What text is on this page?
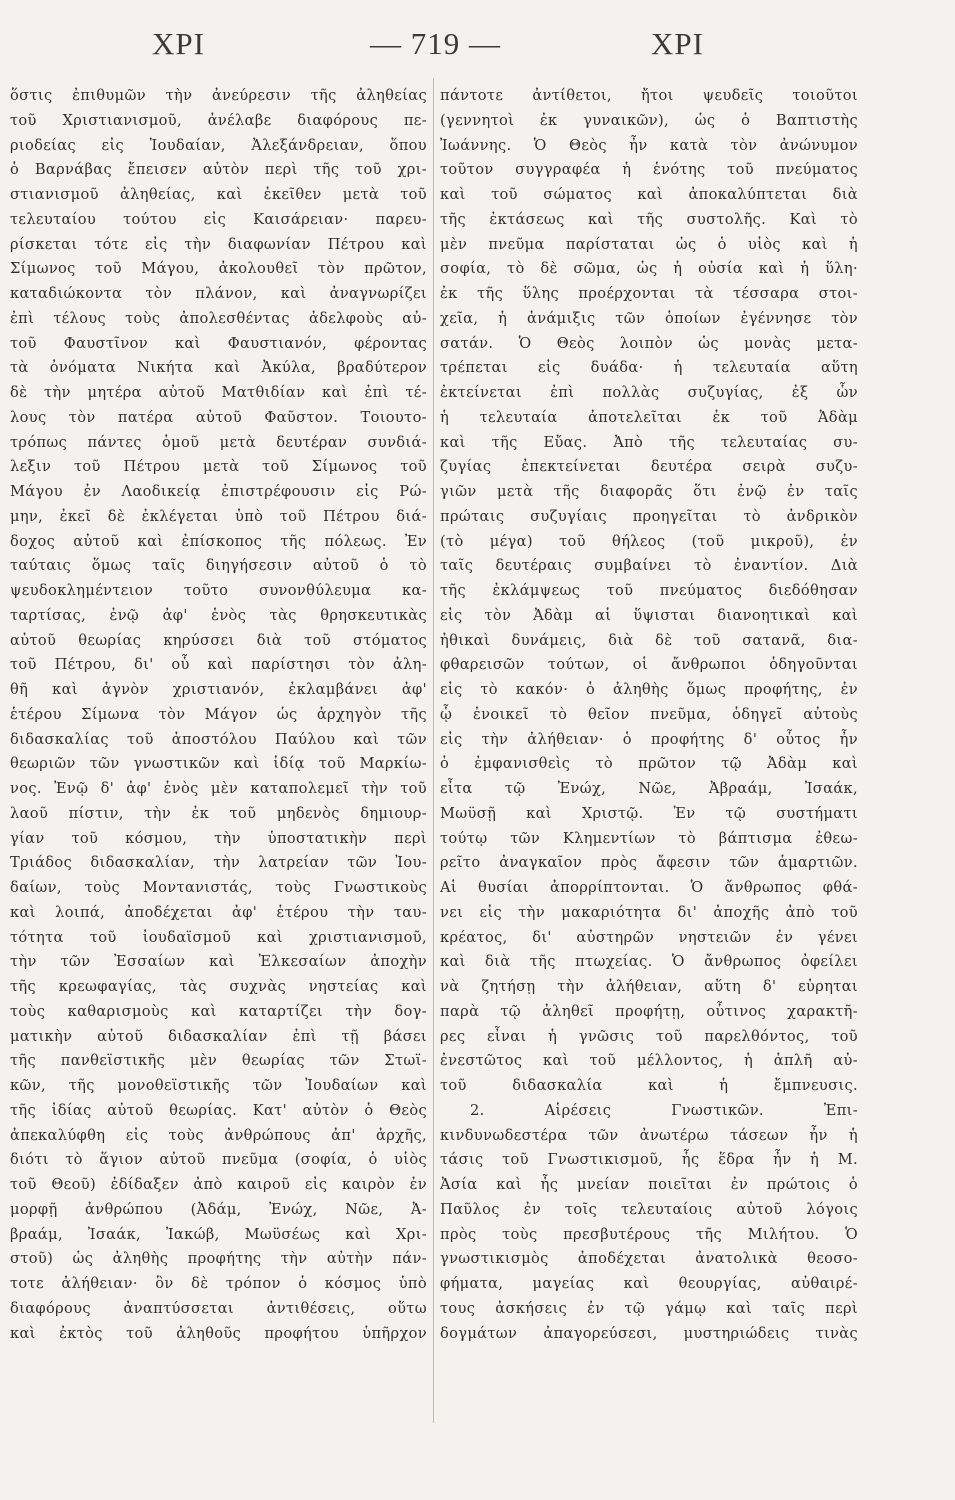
ΧΡΙ	— 719 —	ΧΡΙ
ὅστις ἐπιθυμῶν τὴν ἀνεύρεσιν τῆς ἀληθείας
τοῦ Χριστιανισμοῦ, ἀνέλαβε διαφόρους πε-
ριοδείας εἰς Ἰουδαίαν, Ἀλεξάνδρειαν, ὅπου
ὁ Βαρνάβας ἔπεισεν αὐτὸν περὶ τῆς τοῦ χρι-
στιανισμοῦ ἀληθείας, καὶ ἐκεῖθεν μετὰ τοῦ
τελευταίου τούτου εἰς Καισάρειαν· παρευ-
ρίσκεται τότε εἰς τὴν διαφωνίαν Πέτρου καὶ
Σίμωνος τοῦ Μάγου, ἀκολουθεῖ τὸν πρῶτον,
καταδιώκοντα τὸν πλάνον, καὶ ἀναγνωρίζει
ἐπὶ τέλους τοὺς ἀπολεσθέντας ἀδελφοὺς αὐ-
τοῦ Φαυστῖνον καὶ Φαυστιανόν, φέροντας
τὰ ὀνόματα Νικήτα καὶ Ἀκύλα, βραδύτερον
δὲ τὴν μητέρα αὐτοῦ Ματθιδίαν καὶ ἐπὶ τέ-
λους τὸν πατέρα αὐτοῦ Φαῦστον. Τοιουτο-
τρόπως πάντες ὁμοῦ μετὰ δευτέραν συνδιά-
λεξιν τοῦ Πέτρου μετὰ τοῦ Σίμωνος τοῦ
Μάγου ἐν Λαοδικείᾳ ἐπιστρέφουσιν εἰς Ρώ-
μην, ἐκεῖ δὲ ἐκλέγεται ὑπὸ τοῦ Πέτρου διά-
δοχος αὐτοῦ καὶ ἐπίσκοπος τῆς πόλεως. Ἐν
ταύταις ὅμως ταῖς διηγήσεσιν αὐτοῦ ὁ τὸ
ψευδοκλημέντειον τοῦτο συνονθύλευμα κα-
ταρτίσας, ἐνῷ ἀφ' ἑνὸς τὰς θρησκευτικὰς
αὐτοῦ θεωρίας κηρύσσει διὰ τοῦ στόματος
τοῦ Πέτρου, δι' οὗ καὶ παρίστησι τὸν ἀλη-
θῆ καὶ ἁγνὸν χριστιανόν, ἐκλαμβάνει ἀφ'
ἑτέρου Σίμωνα τὸν Μάγον ὡς ἀρχηγὸν τῆς
διδασκαλίας τοῦ ἀποστόλου Παύλου καὶ τῶν
θεωριῶν τῶν γνωστικῶν καὶ ἰδίᾳ τοῦ Μαρκίω-
νος. Ἐνῷ δ' ἀφ' ἑνὸς μὲν καταπολεμεῖ τὴν τοῦ
λαοῦ πίστιν, τὴν ἐκ τοῦ μηδενὸς δημιουρ-
γίαν τοῦ κόσμου, τὴν ὑποστατικὴν περὶ
Τριάδος διδασκαλίαν, τὴν λατρείαν τῶν Ἰου-
δαίων, τοὺς Μοντανιστάς, τοὺς Γνωστικοὺς
καὶ λοιπά, ἀποδέχεται ἀφ' ἑτέρου τὴν ταυ-
τότητα τοῦ ἰουδαϊσμοῦ καὶ χριστιανισμοῦ,
τὴν τῶν Ἐσσαίων καὶ Ἐλκεσαίων ἀποχὴν
τῆς κρεωφαγίας, τὰς συχνὰς νηστείας καὶ
τοὺς καθαρισμοὺς καὶ καταρτίζει τὴν δογ-
ματικὴν αὐτοῦ διδασκαλίαν ἐπὶ τῇ βάσει
τῆς πανθεϊστικῆς μὲν θεωρίας τῶν Στωϊ-
κῶν, τῆς μονοθεϊστικῆς τῶν Ἰουδαίων καὶ
τῆς ἰδίας αὐτοῦ θεωρίας. Κατ' αὐτὸν ὁ Θεὸς
ἀπεκαλύφθη εἰς τοὺς ἀνθρώπους ἀπ' ἀρχῆς,
διότι τὸ ἅγιον αὐτοῦ πνεῦμα (σοφία, ὁ υἱὸς
τοῦ Θεοῦ) ἐδίδαξεν ἀπὸ καιροῦ εἰς καιρὸν ἐν
μορφῇ ἀνθρώπου (Ἀδάμ, Ἐνώχ, Νῶε, Ἀ-
βραάμ, Ἰσαάκ, Ἰακώβ, Μωϋσέως καὶ Χρι-
στοῦ) ὡς ἀληθὴς προφήτης τὴν αὐτὴν πάν-
τοτε ἀλήθειαν· ὃν δὲ τρόπον ὁ κόσμος ὑπὸ
διαφόρους ἀναπτύσσεται ἀντιθέσεις, οὕτω
καὶ ἐκτὸς τοῦ ἀληθοῦς προφήτου ὑπῆρχον
πάντοτε ἀντίθετοι, ἤτοι ψευδεῖς τοιοῦτοι
(γεννητοὶ ἐκ γυναικῶν), ὡς ὁ Βαπτιστὴς
Ἰωάννης. Ὁ Θεὸς ἦν κατὰ τὸν ἀνώνυμον
τοῦτον συγγραφέα ἡ ἑνότης τοῦ πνεύματος
καὶ τοῦ σώματος καὶ ἀποκαλύπτεται διὰ
τῆς ἐκτάσεως καὶ τῆς συστολῆς. Καὶ τὸ
μὲν πνεῦμα παρίσταται ὡς ὁ υἱὸς καὶ ἡ
σοφία, τὸ δὲ σῶμα, ὡς ἡ οὐσία καὶ ἡ ὕλη·
ἐκ τῆς ὕλης προέρχονται τὰ τέσσαρα στοι-
χεῖα, ἡ ἀνάμιξις τῶν ὁποίων ἐγέννησε τὸν
σατάν. Ὁ Θεὸς λοιπὸν ὡς μονὰς μετα-
τρέπεται εἰς δυάδα· ἡ τελευταία αὕτη
ἐκτείνεται ἐπὶ πολλὰς συζυγίας, ἐξ ὧν
ἡ τελευταία ἀποτελεῖται ἐκ τοῦ Ἀδὰμ
καὶ τῆς Εὔας. Ἀπὸ τῆς τελευταίας συ-
ζυγίας ἐπεκτείνεται δευτέρα σειρὰ συζυ-
γιῶν μετὰ τῆς διαφορᾶς ὅτι ἐνῷ ἐν ταῖς
πρώταις συζυγίαις προηγεῖται τὸ ἀνδρικὸν
(τὸ μέγα) τοῦ θήλεος (τοῦ μικροῦ), ἐν
ταῖς δευτέραις συμβαίνει τὸ ἐναντίον. Διὰ
τῆς ἐκλάμψεως τοῦ πνεύματος διεδόθησαν
εἰς τὸν Ἀδὰμ αἱ ὕψισται διανοητικαὶ καὶ
ἠθικαὶ δυνάμεις, διὰ δὲ τοῦ σατανᾶ, δια-
φθαρεισῶν τούτων, οἱ ἄνθρωποι ὁδηγοῦνται
εἰς τὸ κακόν· ὁ ἀληθὴς ὅμως προφήτης, ἐν
ᾧ ἐνοικεῖ τὸ θεῖον πνεῦμα, ὁδηγεῖ αὐτοὺς
εἰς τὴν ἀλήθειαν· ὁ προφήτης δ' οὗτος ἦν
ὁ ἐμφανισθεὶς τὸ πρῶτον τῷ Ἀδὰμ καὶ
εἶτα τῷ Ἐνώχ, Νῶε, Ἀβραάμ, Ἰσαάκ,
Μωϋσῇ καὶ Χριστῷ. Ἐν τῷ συστήματι
τούτῳ τῶν Κλημεντίων τὸ βάπτισμα ἐθεω-
ρεῖτο ἀναγκαῖον πρὸς ἄφεσιν τῶν ἁμαρτιῶν.
Αἱ θυσίαι ἀπορρίπτονται. Ὁ ἄνθρωπος φθά-
νει εἰς τὴν μακαριότητα δι' ἀποχῆς ἀπὸ τοῦ
κρέατος, δι' αὐστηρῶν νηστειῶν ἐν γένει
καὶ διὰ τῆς πτωχείας. Ὁ ἄνθρωπος ὀφείλει
νὰ ζητήσῃ τὴν ἀλήθειαν, αὕτη δ' εὑρηται
παρὰ τῷ ἀληθεῖ προφήτῃ, οὗτινος χαρακτῆ-
ρες εἶναι ἡ γνῶσις τοῦ παρελθόντος, τοῦ
ἐνεστῶτος καὶ τοῦ μέλλοντος, ἡ ἁπλῆ αὐ-
τοῦ διδασκαλία καὶ ἡ ἔμπνευσις.
2. Αἱρέσεις Γνωστικῶν. Ἐπι-
κινδυνωδεστέρα τῶν ἀνωτέρω τάσεων ἦν ἡ
τάσις τοῦ Γνωστικισμοῦ, ἧς ἕδρα ἦν ἡ Μ.
Ἀσία καὶ ἧς μνείαν ποιεῖται ἐν πρώτοις ὁ
Παῦλος ἐν τοῖς τελευταίοις αὐτοῦ λόγοις
πρὸς τοὺς πρεσβυτέρους τῆς Μιλήτου. Ὁ
γνωστικισμὸς ἀποδέχεται ἀνατολικὰ θεοσο-
φήματα, μαγείας καὶ θεουργίας, αὐθαιρέ-
τους ἀσκήσεις ἐν τῷ γάμῳ καὶ ταῖς περὶ
δογμάτων ἀπαγορεύσεσι, μυστηριώδεις τινὰς
